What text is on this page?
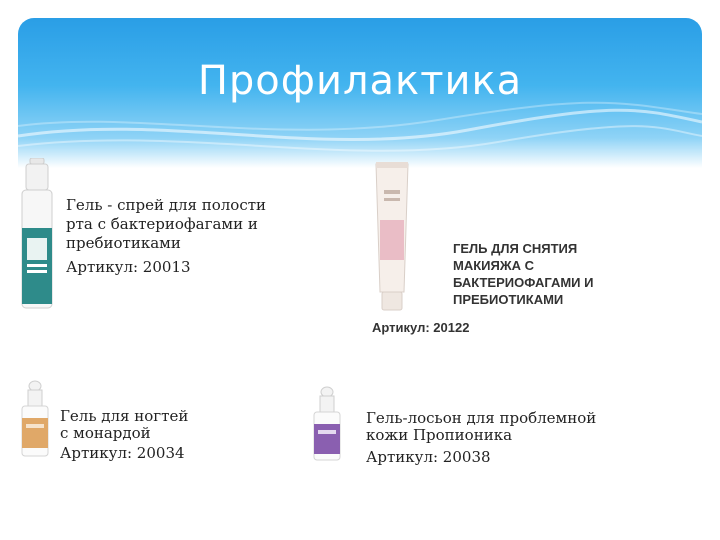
Профилактика
Гель - спрей для полости
рта с бактериофагами и
пребиотиками
Артикул: 20013
ГЕЛЬ ДЛЯ СНЯТИЯ
МАКИЯЖА С
БАКТЕРИОФАГАМИ И
ПРЕБИОТИКАМИ
Артикул: 20122
Гель для ногтей
с монардой
Артикул: 20034
Гель-лосьон для проблемной
кожи Пропионика
Артикул: 20038
